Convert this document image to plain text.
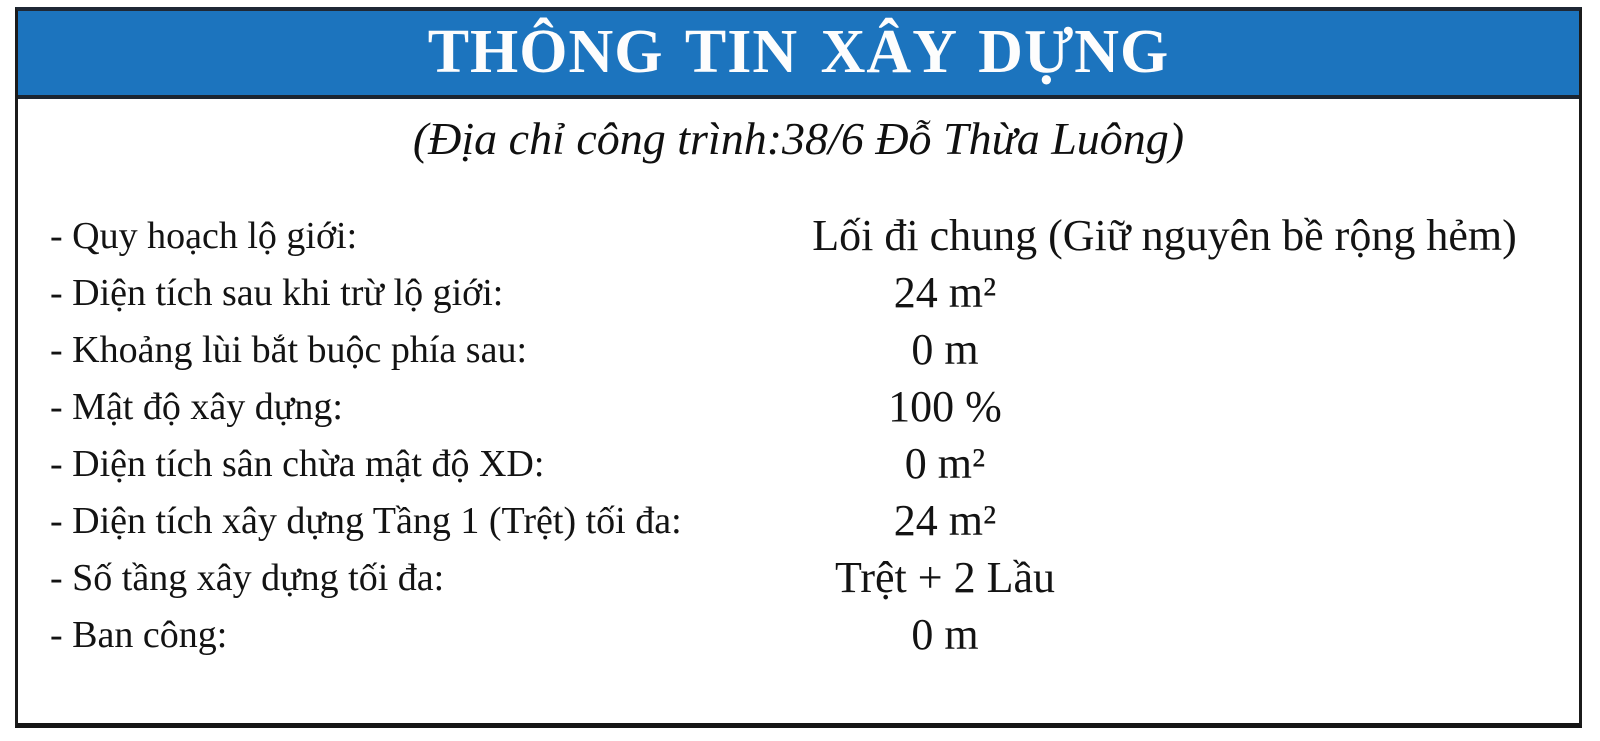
THÔNG TIN XÂY DỰNG
(Địa chỉ công trình:38/6 Đỗ Thừa Luông)
- Quy hoạch lộ giới:	Lối đi chung (Giữ nguyên bề rộng hẻm)
- Diện tích sau khi trừ lộ giới:	24 m²
- Khoảng lùi bắt buộc phía sau:	0 m
- Mật độ xây dựng:	100 %
- Diện tích sân chừa mật độ XD:	0 m²
- Diện tích xây dựng Tầng 1 (Trệt) tối đa:	24 m²
- Số tầng xây dựng tối đa:	Trệt + 2 Lầu
- Ban công:	0 m
